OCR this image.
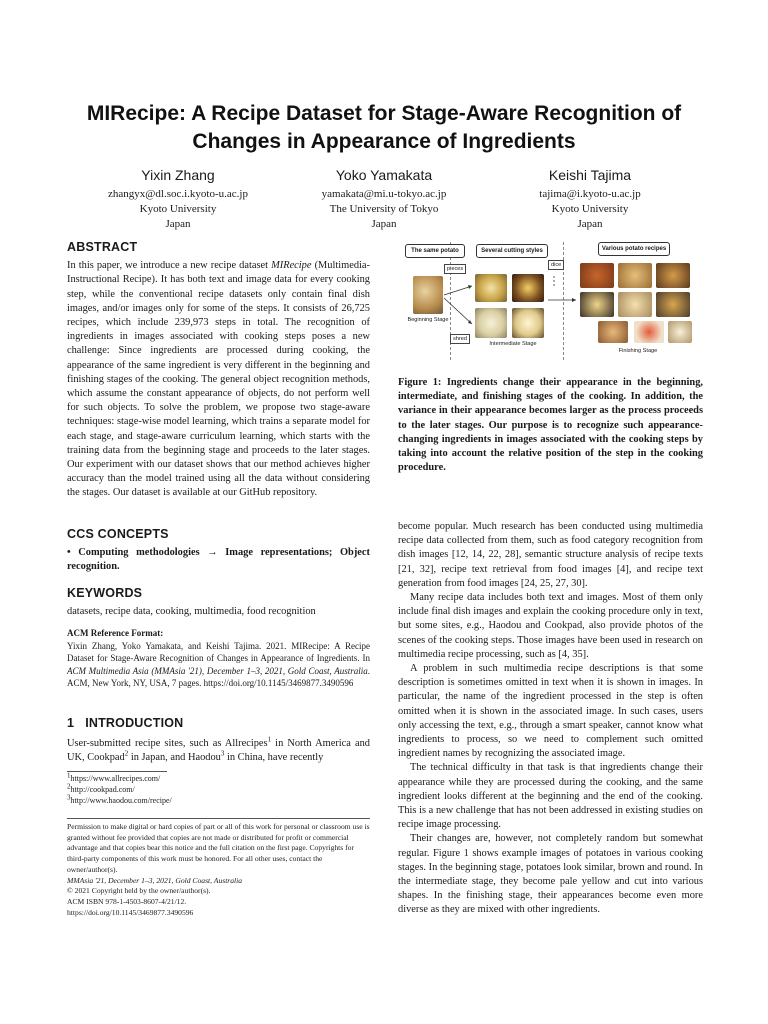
MIRecipe: A Recipe Dataset for Stage-Aware Recognition of
Changes in Appearance of Ingredients
Yixin Zhang
zhangyx@dl.soc.i.kyoto-u.ac.jp
Kyoto University
Japan
Yoko Yamakata
yamakata@mi.u-tokyo.ac.jp
The University of Tokyo
Japan
Keishi Tajima
tajima@i.kyoto-u.ac.jp
Kyoto University
Japan
ABSTRACT

In this paper, we introduce a new recipe dataset MIRecipe (Multimedia-Instructional Recipe). It has both text and image data for every cooking step, while the conventional recipe datasets only contain final dish images, and/or images only for some of the steps. It consists of 26,725 recipes, which include 239,973 steps in total. The recognition of ingredients in images associated with cooking steps poses a new challenge: Since ingredients are processed during cooking, the appearance of the same ingredient is very different in the beginning and finishing stages of the cooking. The general object recognition methods, which assume the constant appearance of objects, do not perform well for such objects. To solve the problem, we propose two stage-aware techniques: stage-wise model learning, which trains a separate model for each stage, and stage-aware curriculum learning, which starts with the training data from the beginning stage and proceeds to the later stages. Our experiment with our dataset shows that our method achieves higher accuracy than the model trained using all the data without considering the stages. Our dataset is available at our GitHub repository.

CCS CONCEPTS

• Computing methodologies → Image representations; Object recognition.

KEYWORDS

datasets, recipe data, cooking, multimedia, food recognition

ACM Reference Format:

Yixin Zhang, Yoko Yamakata, and Keishi Tajima. 2021. MIRecipe: A Recipe Dataset for Stage-Aware Recognition of Changes in Appearance of Ingredients. In ACM Multimedia Asia (MMAsia '21), December 1–3, 2021, Gold Coast, Australia. ACM, New York, NY, USA, 7 pages. https://doi.org/10.1145/3469877.3490596

1 INTRODUCTION

User-submitted recipe sites, such as Allrecipes$^1$ in North America and UK, Cookpad$^2$ in Japan, and Haodou$^3$ in China, have recently

$^1$https://www.allrecipes.com/

$^2$http://cookpad.com/

$^3$http://www.haodou.com/recipe/

Permission to make digital or hard copies of part or all of this work for personal or classroom use is granted without fee provided that copies are not made or distributed for profit or commercial advantage and that copies bear this notice and the full citation on the first page. Copyrights for third-party components of this work must be honored. For all other uses, contact the owner/author(s).

MMAsia '21, December 1–3, 2021, Gold Coast, Australia

© 2021 Copyright held by the owner/author(s).

ACM ISBN 978-1-4503-8607-4/21/12.

https://doi.org/10.1145/3469877.3490596

The same potato	Several cutting styles	Various potato recipes
Beginning Stage
pieces
dice
shred
Intermediate Stage
Finishing Stage
Figure 1: Ingredients change their appearance in the beginning, intermediate, and finishing stages of the cooking. In addition, the variance in their appearance becomes larger as the process proceeds to the later stages. Our purpose is to recognize such appearance-changing ingredients in images associated with the cooking steps by taking into account the relative position of the step in the cooking procedure.

become popular. Much research has been conducted using multimedia recipe data collected from them, such as food category recognition from dish images [12, 14, 22, 28], semantic structure analysis of recipe texts [21, 32], recipe text retrieval from food images [4], and recipe text generation from food images [24, 25, 27, 30].

Many recipe data includes both text and images. Most of them only include final dish images and explain the cooking procedure only in text, but some sites, e.g., Haodou and Cookpad, also provide photos of the scenes of the cooking steps. Those images have been used in research on multimedia recipe processing, such as [4, 35].

A problem in such multimedia recipe descriptions is that some description is sometimes omitted in text when it is shown in images. In particular, the name of the ingredient processed in the step is often omitted when it is shown in the associated image. In such cases, users only accessing the text, e.g., through a smart speaker, cannot know what ingredients to process, so we need to complement such omitted ingredient names by recognizing the associated image.

The technical difficulty in that task is that ingredients change their appearance while they are processed during the cooking, and the same ingredient looks different at the beginning and the end of the cooking. This is a new challenge that has not been addressed in existing studies on recipe image processing.

Their changes are, however, not completely random but somewhat regular. Figure 1 shows example images of potatoes in various cooking stages. In the beginning stage, potatoes look similar, brown and round. In the intermediate stage, they become pale yellow and cut into various shapes. In the finishing stage, their appearances become even more diverse as they are mixed with other ingredients.
